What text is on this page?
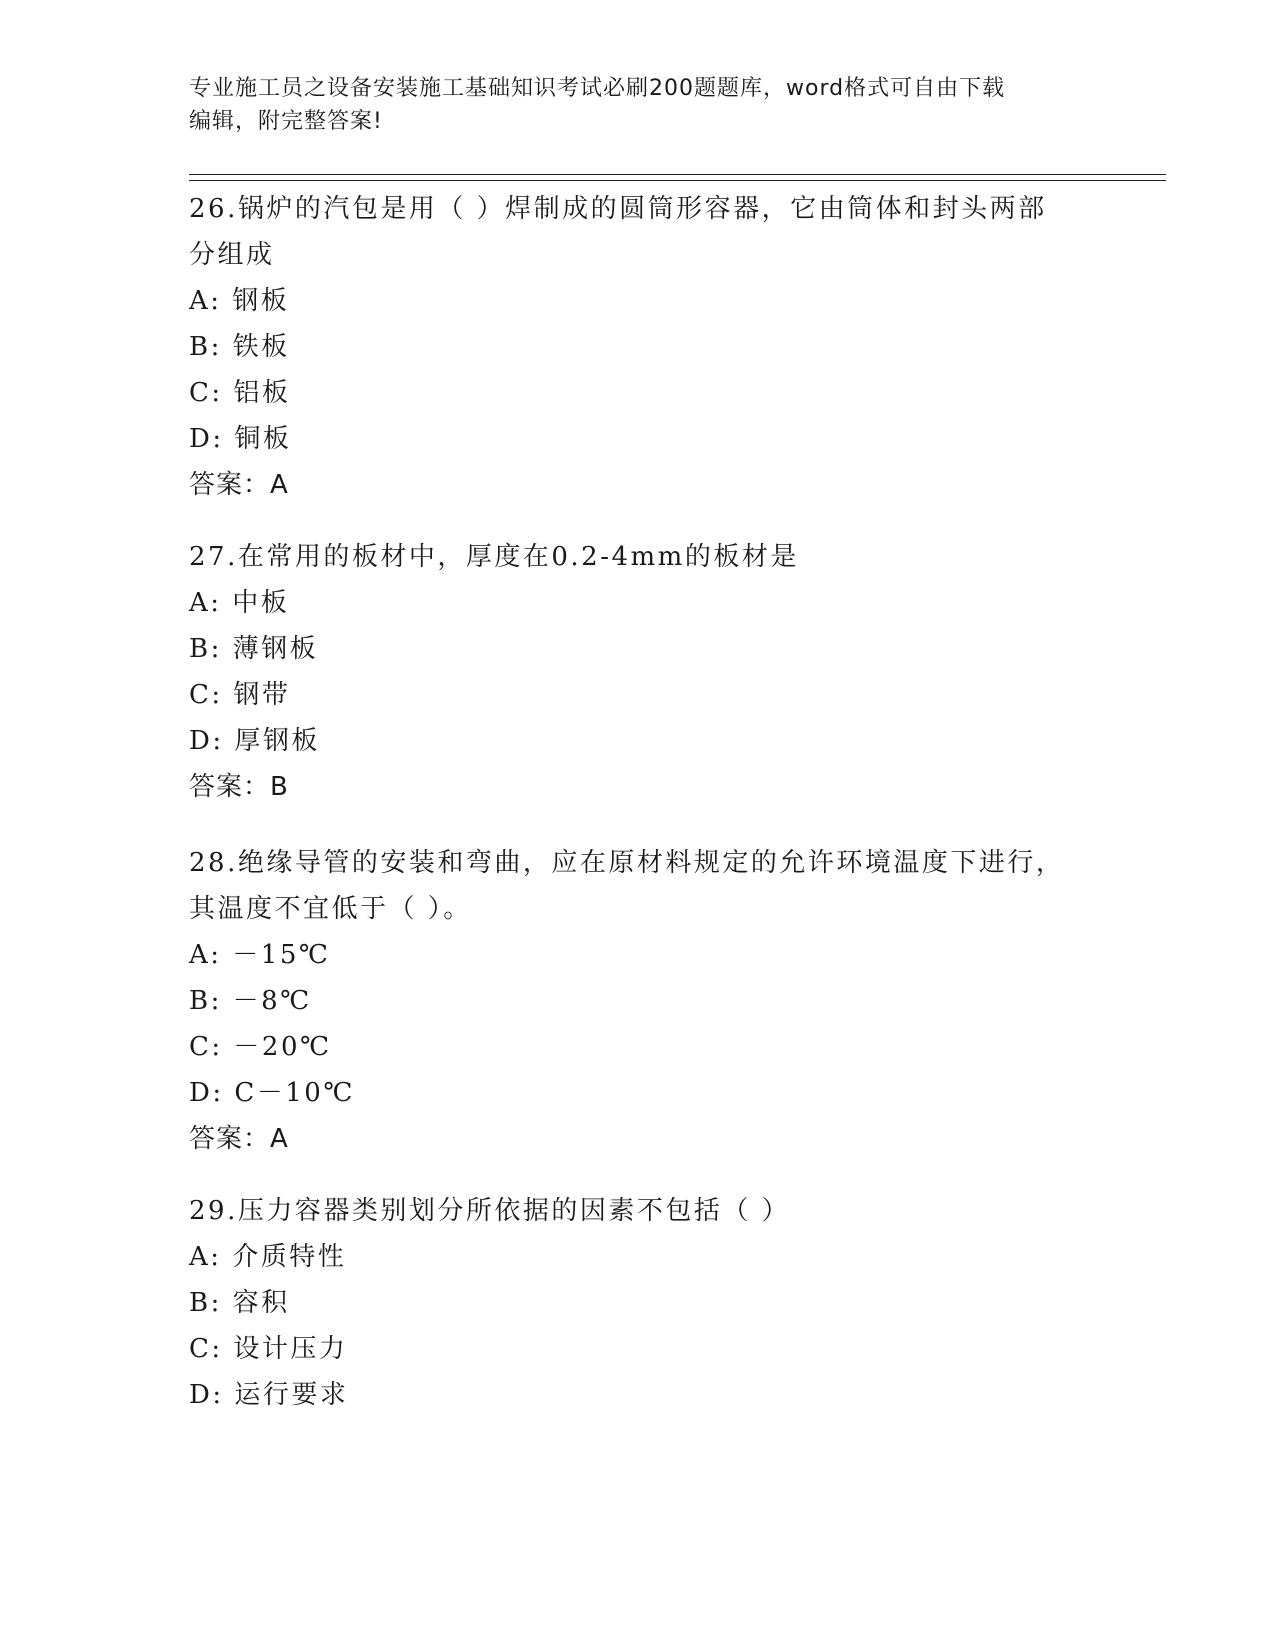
专业施工员之设备安装施工基础知识考试必刷200题题库，word格式可自由下载
编辑，附完整答案!
26.锅炉的汽包是用（ ）焊制成的圆筒形容器，它由筒体和封头两部
分组成
A: 钢板
B: 铁板
C: 铝板
D: 铜板
答案：A
27.在常用的板材中，厚度在0.2-4mm的板材是
A: 中板
B: 薄钢板
C: 钢带
D: 厚钢板
答案：B
28.绝缘导管的安装和弯曲，应在原材料规定的允许环境温度下进行，
其温度不宜低于（ ）。
A: －15℃
B: －8℃
C: －20℃
D: C－10℃
答案：A
29.压力容器类别划分所依据的因素不包括（ ）
A: 介质特性
B: 容积
C: 设计压力
D: 运行要求
